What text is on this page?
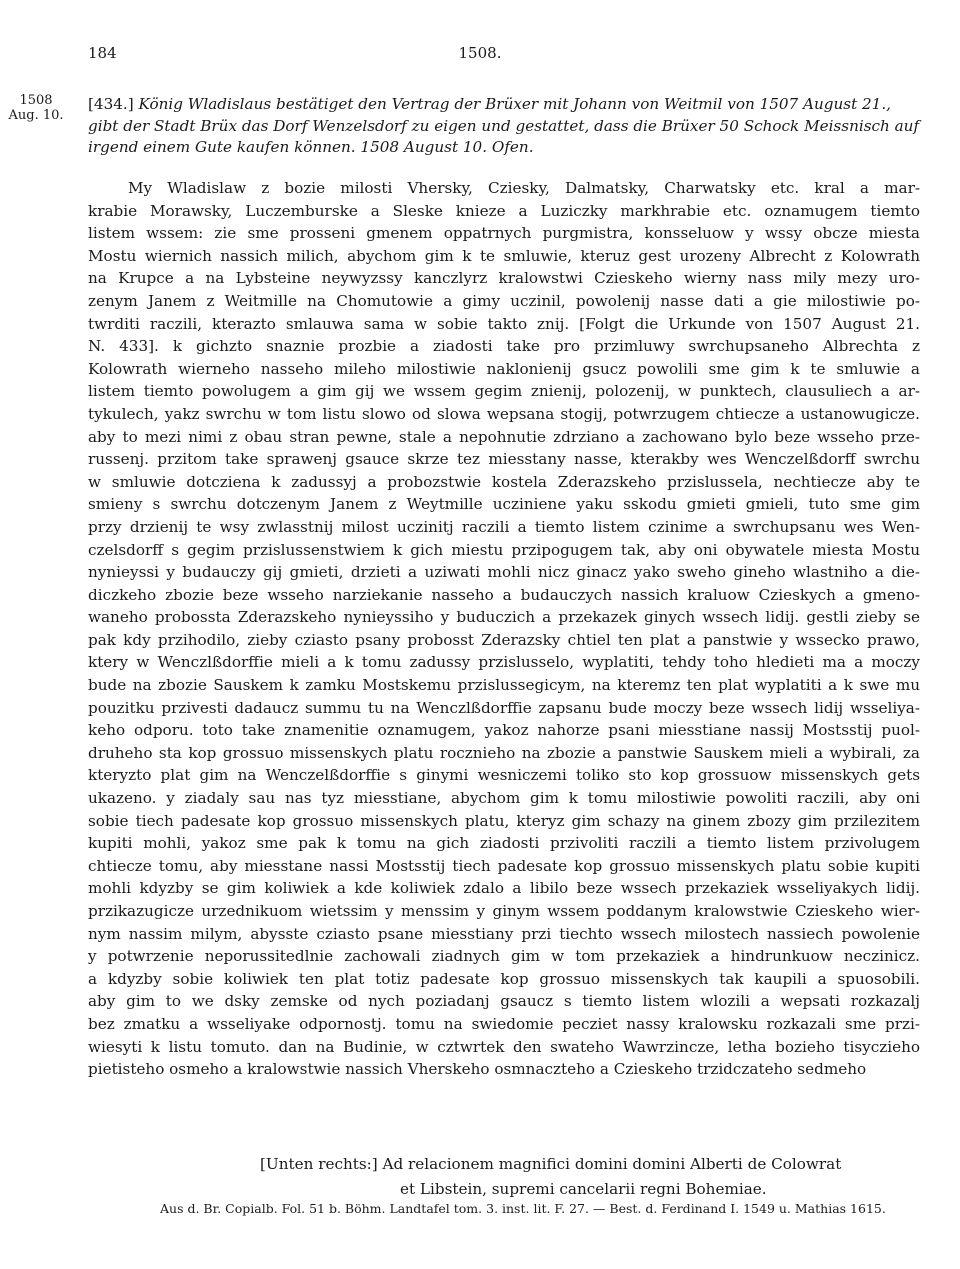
184	1508.
1508
Aug. 10.
[434.] König Wladislaus bestätiget den Vertrag der Brüxer mit Johann von Weitmil von 1507 August 21., gibt der Stadt Brüx das Dorf Wenzelsdorf zu eigen und gestattet, dass die Brüxer 50 Schock Meissnisch auf irgend einem Gute kaufen können. 1508 August 10. Ofen.
My Wladislaw z bozie milosti Vhersky, Cziesky, Dalmatsky, Charwatsky etc. kral a mar-
krabie Morawsky, Luczemburske a Sleske knieze a Luziczky markhrabie etc. oznamugem tiemto
listem wssem: zie sme prosseni gmenem oppatrnych purgmistra, konsseluow y wssy obcze miesta
Mostu wiernich nassich milich, abychom gim k te smluwie, kteruz gest urozeny Albrecht z Kolowrath
na Krupce a na Lybsteine neywyzssy kanczlyrz kralowstwi Czieskeho wierny nass mily mezy uro-
zenym Janem z Weitmille na Chomutowie a gimy uczinil, powolenij nasse dati a gie milostiwie po-
twrditi raczili, kterazto smlauwa sama w sobie takto znij. [Folgt die Urkunde von 1507 August 21.
N. 433]. k gichzto snaznie prozbie a ziadosti take pro przimluwy swrchupsaneho Albrechta z
Kolowrath wierneho nasseho mileho milostiwie naklonienij gsucz powolili sme gim k te smluwie a
listem tiemto powolugem a gim gij we wssem gegim znienij, polozenij, w punktech, clausuliech a ar-
tykulech, yakz swrchu w tom listu slowo od slowa wepsana stogij, potwrzugem chtiecze a ustanowugicze.
aby to mezi nimi z obau stran pewne, stale a nepohnutie zdrziano a zachowano bylo beze wsseho prze-
russenj. przitom take sprawenj gsauce skrze tez miesstany nasse, kterakby wes Wenczelßdorff swrchu
w smluwie dotcziena k zadussyj a probozstwie kostela Zderazskeho przislussela, nechtiecze aby te
smieny s swrchu dotczenym Janem z Weytmille ucziniene yaku sskodu gmieti gmieli, tuto sme gim
przy drzienij te wsy zwlasstnij milost uczinitj raczili a tiemto listem czinime a swrchupsanu wes Wen-
czelsdorff s gegim przislussenstwiem k gich miestu przipogugem tak, aby oni obywatele miesta Mostu
nynieyssi y budauczy gij gmieti, drzieti a uziwati mohli nicz ginacz yako sweho gineho wlastniho a die-
diczkeho zbozie beze wsseho narziekanie nasseho a budauczych nassich kraluow Czieskych a gmeno-
waneho probossta Zderazskeho nynieyssiho y buduczich a przekazek ginych wssech lidij. gestli zieby se
pak kdy przihodilo, zieby cziasto psany probosst Zderazsky chtiel ten plat a panstwie y wssecko prawo,
ktery w Wenczlßdorffie mieli a k tomu zadussy przislusselo, wyplatiti, tehdy toho hledieti ma a moczy
bude na zbozie Sauskem k zamku Mostskemu przislussegicym, na kteremz ten plat wyplatiti a k swe mu
pouzitku przivesti dadaucz summu tu na Wenczlßdorffie zapsanu bude moczy beze wssech lidij wsseliya-
keho odporu. toto take znamenitie oznamugem, yakoz nahorze psani miesstiane nassij Mostsstij puol-
druheho sta kop grossuo missenskych platu rocznieho na zbozie a panstwie Sauskem mieli a wybirali, za
kteryzto plat gim na Wenczelßdorffie s ginymi wesniczemi toliko sto kop grossuow missenskych gets
ukazeno. y ziadaly sau nas tyz miesstiane, abychom gim k tomu milostiwie powoliti raczili, aby oni
sobie tiech padesate kop grossuo missenskych platu, kteryz gim schazy na ginem zbozy gim przilezitem
kupiti mohli, yakoz sme pak k tomu na gich ziadosti przivoliti raczili a tiemto listem przivolugem
chtiecze tomu, aby miesstane nassi Mostsstij tiech padesate kop grossuo missenskych platu sobie kupiti
mohli kdyzby se gim koliwiek a kde koliwiek zdalo a libilo beze wssech przekaziek wsseliyakych lidij.
przikazugicze urzednikuom wietssim y menssim y ginym wssem poddanym kralowstwie Czieskeho wier-
nym nassim milym, abysste cziasto psane miesstiany przi tiechto wssech milostech nassiech powolenie
y potwrzenie neporussitedlnie zachowali ziadnych gim w tom przekaziek a hindrunkuow neczinicz.
a kdyzby sobie koliwiek ten plat totiz padesate kop grossuo missenskych tak kaupili a spuosobili.
aby gim to we dsky zemske od nych poziadanj gsaucz s tiemto listem wlozili a wepsati rozkazalj
bez zmatku a wsseliyake odpornostj. tomu na swiedomie pecziet nassy kralowsku rozkazali sme przi-
wiesyti k listu tomuto. dan na Budinie, w cztwrtek den swateho Wawrzincze, letha bozieho tisycziehо
pietisteho osmeho a kralowstwie nassich Vherskeho osmnaczteho a Czieskeho trzidczateho sedmeho
[Unten rechts:] Ad relacionem magnifici domini domini Alberti de Colowrat
et Libstein, supremi cancelarii regni Bohemiae.
Aus d. Br. Copialb. Fol. 51 b. Böhm. Landtafel tom. 3. inst. lit. F. 27. — Best. d. Ferdinand I. 1549 u. Mathias 1615.
